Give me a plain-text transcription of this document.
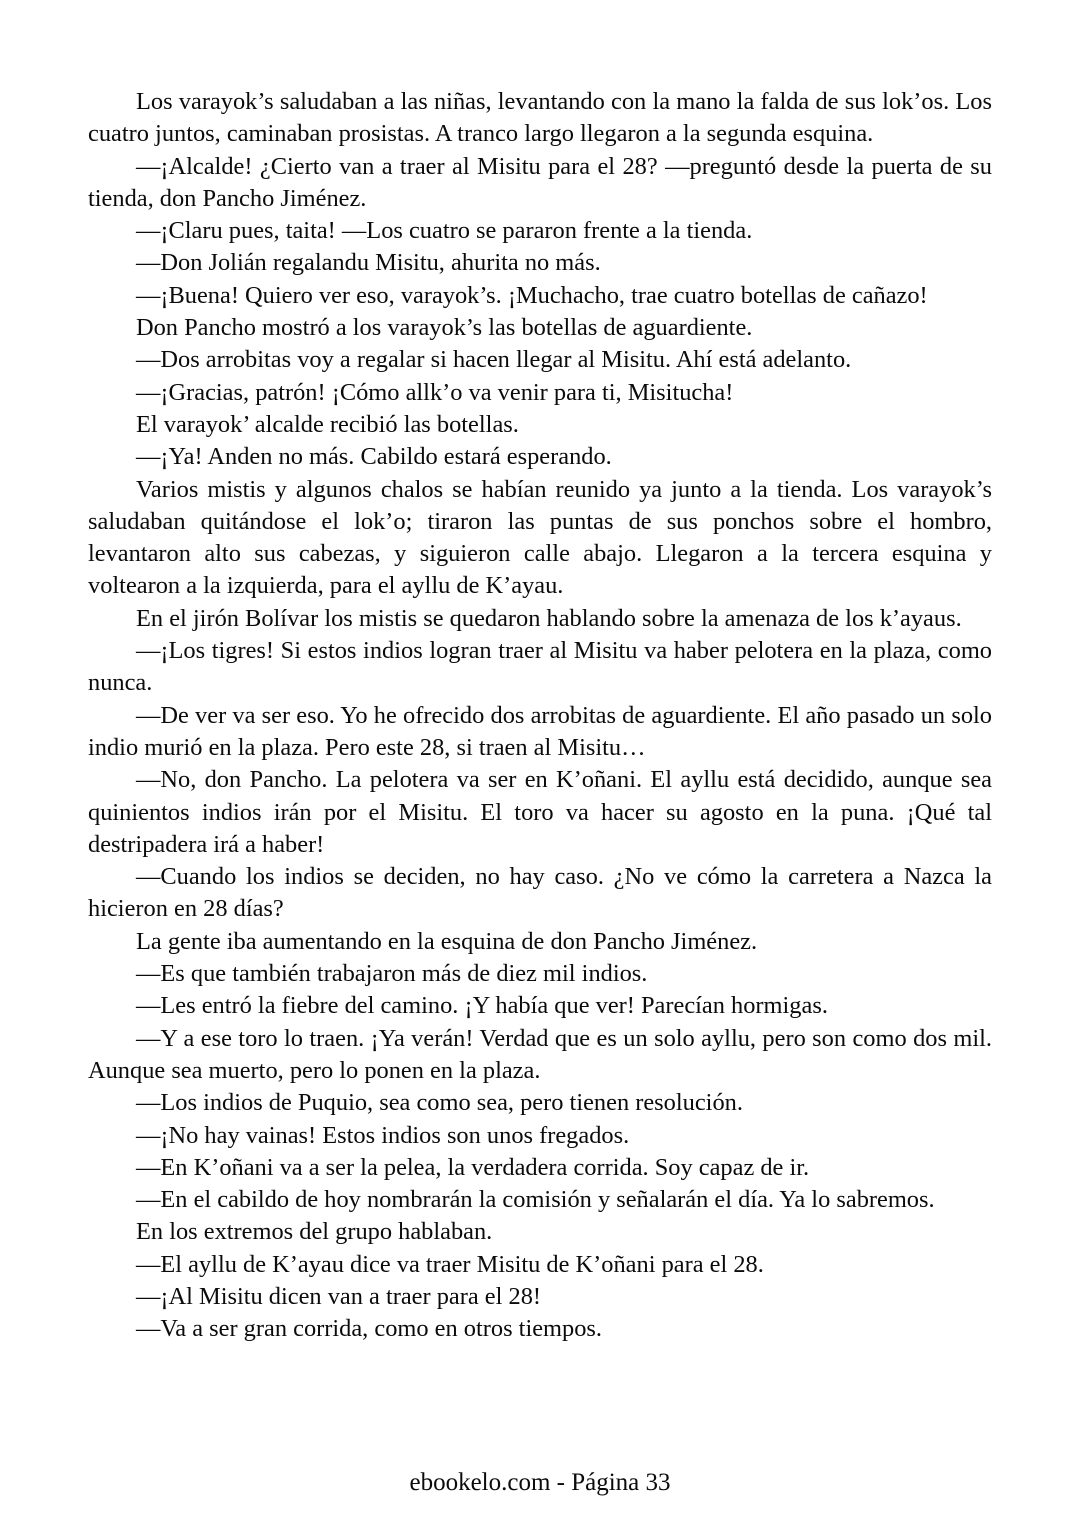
Los varayok’s saludaban a las niñas, levantando con la mano la falda de sus lok’os. Los cuatro juntos, caminaban prosistas. A tranco largo llegaron a la segunda esquina.

—¡Alcalde! ¿Cierto van a traer al Misitu para el 28? —preguntó desde la puerta de su tienda, don Pancho Jiménez.

—¡Claru pues, taita! —Los cuatro se pararon frente a la tienda.

—Don Jolián regalandu Misitu, ahurita no más.

—¡Buena! Quiero ver eso, varayok’s. ¡Muchacho, trae cuatro botellas de cañazo!

Don Pancho mostró a los varayok’s las botellas de aguardiente.

—Dos arrobitas voy a regalar si hacen llegar al Misitu. Ahí está adelanto.

—¡Gracias, patrón! ¡Cómo allk’o va venir para ti, Misitucha!

El varayok’ alcalde recibió las botellas.

—¡Ya! Anden no más. Cabildo estará esperando.

Varios mistis y algunos chalos se habían reunido ya junto a la tienda. Los varayok’s saludaban quitándose el lok’o; tiraron las puntas de sus ponchos sobre el hombro, levantaron alto sus cabezas, y siguieron calle abajo. Llegaron a la tercera esquina y voltearon a la izquierda, para el ayllu de K’ayau.

En el jirón Bolívar los mistis se quedaron hablando sobre la amenaza de los k’ayaus.

—¡Los tigres! Si estos indios logran traer al Misitu va haber pelotera en la plaza, como nunca.

—De ver va ser eso. Yo he ofrecido dos arrobitas de aguardiente. El año pasado un solo indio murió en la plaza. Pero este 28, si traen al Misitu…

—No, don Pancho. La pelotera va ser en K’oñani. El ayllu está decidido, aunque sea quinientos indios irán por el Misitu. El toro va hacer su agosto en la puna. ¡Qué tal destripadera irá a haber!

—Cuando los indios se deciden, no hay caso. ¿No ve cómo la carretera a Nazca la hicieron en 28 días?

La gente iba aumentando en la esquina de don Pancho Jiménez.

—Es que también trabajaron más de diez mil indios.

—Les entró la fiebre del camino. ¡Y había que ver! Parecían hormigas.

—Y a ese toro lo traen. ¡Ya verán! Verdad que es un solo ayllu, pero son como dos mil. Aunque sea muerto, pero lo ponen en la plaza.

—Los indios de Puquio, sea como sea, pero tienen resolución.

—¡No hay vainas! Estos indios son unos fregados.

—En K’oñani va a ser la pelea, la verdadera corrida. Soy capaz de ir.

—En el cabildo de hoy nombrarán la comisión y señalarán el día. Ya lo sabremos.

En los extremos del grupo hablaban.

—El ayllu de K’ayau dice va traer Misitu de K’oñani para el 28.

—¡Al Misitu dicen van a traer para el 28!

—Va a ser gran corrida, como en otros tiempos.

ebookelo.com - Página 33
